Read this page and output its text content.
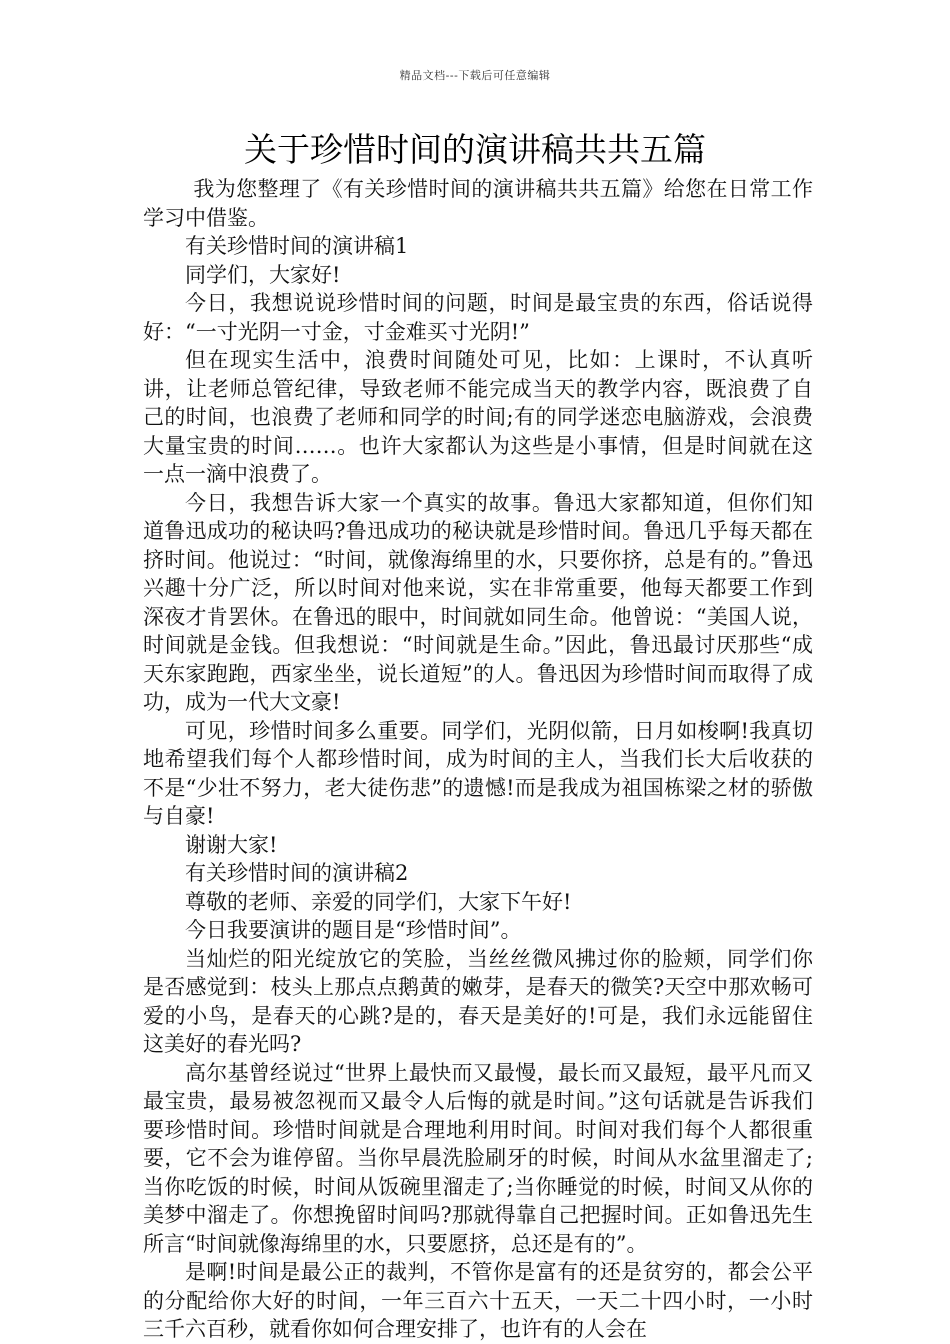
精品文档---下载后可任意编辑
关于珍惜时间的演讲稿共共五篇

我为您整理了《有关珍惜时间的演讲稿共共五篇》给您在日常工作学习中借鉴。

有关珍惜时间的演讲稿1

同学们，大家好!

今日，我想说说珍惜时间的问题，时间是最宝贵的东西，俗话说得好：“一寸光阴一寸金，寸金难买寸光阴!”

但在现实生活中，浪费时间随处可见，比如：上课时，不认真听讲，让老师总管纪律，导致老师不能完成当天的教学内容，既浪费了自己的时间，也浪费了老师和同学的时间;有的同学迷恋电脑游戏，会浪费大量宝贵的时间……。也许大家都认为这些是小事情，但是时间就在这一点一滴中浪费了。

今日，我想告诉大家一个真实的故事。鲁迅大家都知道，但你们知道鲁迅成功的秘诀吗?鲁迅成功的秘诀就是珍惜时间。鲁迅几乎每天都在挤时间。他说过：“时间，就像海绵里的水，只要你挤，总是有的。”鲁迅兴趣十分广泛，所以时间对他来说，实在非常重要，他每天都要工作到深夜才肯罢休。在鲁迅的眼中，时间就如同生命。他曾说：“美国人说，时间就是金钱。但我想说：“时间就是生命。”因此，鲁迅最讨厌那些“成天东家跑跑，西家坐坐，说长道短”的人。鲁迅因为珍惜时间而取得了成功，成为一代大文豪!

可见，珍惜时间多么重要。同学们，光阴似箭，日月如梭啊!我真切地希望我们每个人都珍惜时间，成为时间的主人，当我们长大后收获的不是“少壮不努力，老大徒伤悲”的遗憾!而是我成为祖国栋梁之材的骄傲与自豪!

谢谢大家!

有关珍惜时间的演讲稿2

尊敬的老师、亲爱的同学们，大家下午好!

今日我要演讲的题目是“珍惜时间”。

当灿烂的阳光绽放它的笑脸，当丝丝微风拂过你的脸颊，同学们你是否感觉到：枝头上那点点鹅黄的嫩芽，是春天的微笑?天空中那欢畅可爱的小鸟，是春天的心跳?是的，春天是美好的!可是，我们永远能留住这美好的春光吗?

高尔基曾经说过“世界上最快而又最慢，最长而又最短，最平凡而又最宝贵，最易被忽视而又最令人后悔的就是时间。”这句话就是告诉我们要珍惜时间。珍惜时间就是合理地利用时间。时间对我们每个人都很重要，它不会为谁停留。当你早晨洗脸刷牙的时候，时间从水盆里溜走了;当你吃饭的时候，时间从饭碗里溜走了;当你睡觉的时候，时间又从你的美梦中溜走了。你想挽留时间吗?那就得靠自己把握时间。正如鲁迅先生所言“时间就像海绵里的水，只要愿挤，总还是有的”。

是啊!时间是最公正的裁判，不管你是富有的还是贫穷的，都会公平的分配给你大好的时间，一年三百六十五天，一天二十四小时，一小时三千六百秒，就看你如何合理安排了，也许有的人会在
